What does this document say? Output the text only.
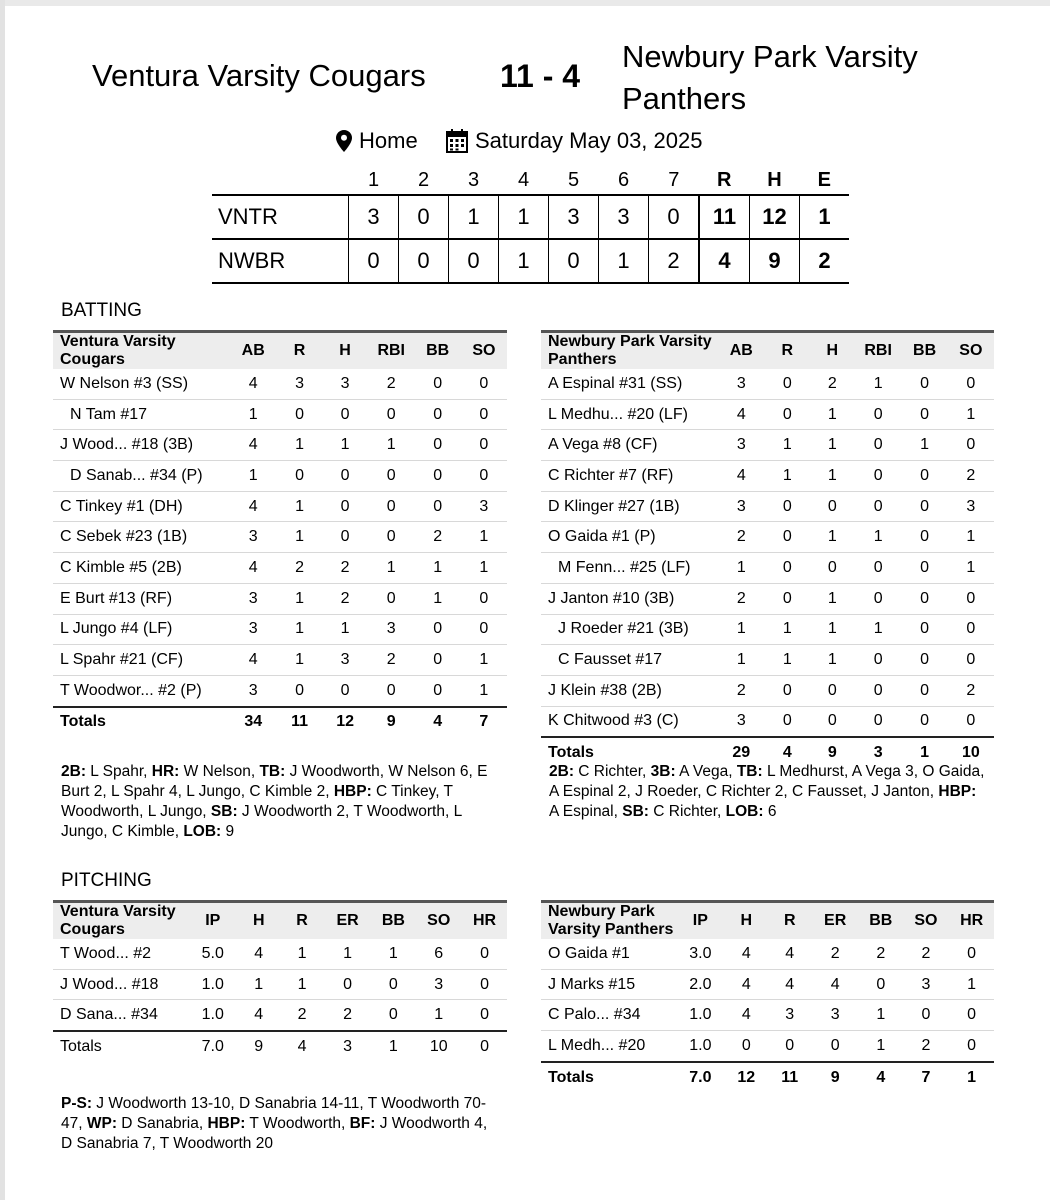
Ventura Varsity Cougars 11 - 4
Newbury Park Varsity Panthers
Home	Saturday May 03, 2025
	1	2	3	4	5	6	7	R	H	E
VNTR	3	0	1	1	3	3	0	11	12	1
NWBR	0	0	0	1	0	1	2	4	9	2
BATTING
Ventura Varsity Cougars	AB	R	H	RBI	BB	SO
W Nelson #3 (SS)	4	3	3	2	0	0
N Tam #17	1	0	0	0	0	0
J Wood... #18 (3B)	4	1	1	1	0	0
D Sanab... #34 (P)	1	0	0	0	0	0
C Tinkey #1 (DH)	4	1	0	0	0	3
C Sebek #23 (1B)	3	1	0	0	2	1
C Kimble #5 (2B)	4	2	2	1	1	1
E Burt #13 (RF)	3	1	2	0	1	0
L Jungo #4 (LF)	3	1	1	3	0	0
L Spahr #21 (CF)	4	1	3	2	0	1
T Woodwor... #2 (P)	3	0	0	0	0	1
Totals	34	11	12	9	4	7
Newbury Park Varsity Panthers	AB	R	H	RBI	BB	SO
A Espinal #31 (SS)	3	0	2	1	0	0
L Medhu... #20 (LF)	4	0	1	0	0	1
A Vega #8 (CF)	3	1	1	0	1	0
C Richter #7 (RF)	4	1	1	0	0	2
D Klinger #27 (1B)	3	0	0	0	0	3
O Gaida #1 (P)	2	0	1	1	0	1
M Fenn... #25 (LF)	1	0	0	0	0	1
J Janton #10 (3B)	2	0	1	0	0	0
J Roeder #21 (3B)	1	1	1	1	0	0
C Fausset #17	1	1	1	0	0	0
J Klein #38 (2B)	2	0	0	0	0	2
K Chitwood #3 (C)	3	0	0	0	0	0
Totals	29	4	9	3	1	10
2B: L Spahr, HR: W Nelson, TB: J Woodworth, W Nelson 6, E Burt 2, L Spahr 4, L Jungo, C Kimble 2, HBP: C Tinkey, T Woodworth, L Jungo, SB: J Woodworth 2, T Woodworth, L Jungo, C Kimble, LOB: 9
2B: C Richter, 3B: A Vega, TB: L Medhurst, A Vega 3, O Gaida, A Espinal 2, J Roeder, C Richter 2, C Fausset, J Janton, HBP: A Espinal, SB: C Richter, LOB: 6
PITCHING
Ventura Varsity Cougars	IP	H	R	ER	BB	SO	HR
T Wood... #2	5.0	4	1	1	1	6	0
J Wood... #18	1.0	1	1	0	0	3	0
D Sana... #34	1.0	4	2	2	0	1	0
Totals	7.0	9	4	3	1	10	0
Newbury Park Varsity Panthers	IP	H	R	ER	BB	SO	HR
O Gaida #1	3.0	4	4	2	2	2	0
J Marks #15	2.0	4	4	4	0	3	1
C Palo... #34	1.0	4	3	3	1	0	0
L Medh... #20	1.0	0	0	0	1	2	0
Totals	7.0	12	11	9	4	7	1
P-S: J Woodworth 13-10, D Sanabria 14-11, T Woodworth 70-47, WP: D Sanabria, HBP: T Woodworth, BF: J Woodworth 4, D Sanabria 7, T Woodworth 20
